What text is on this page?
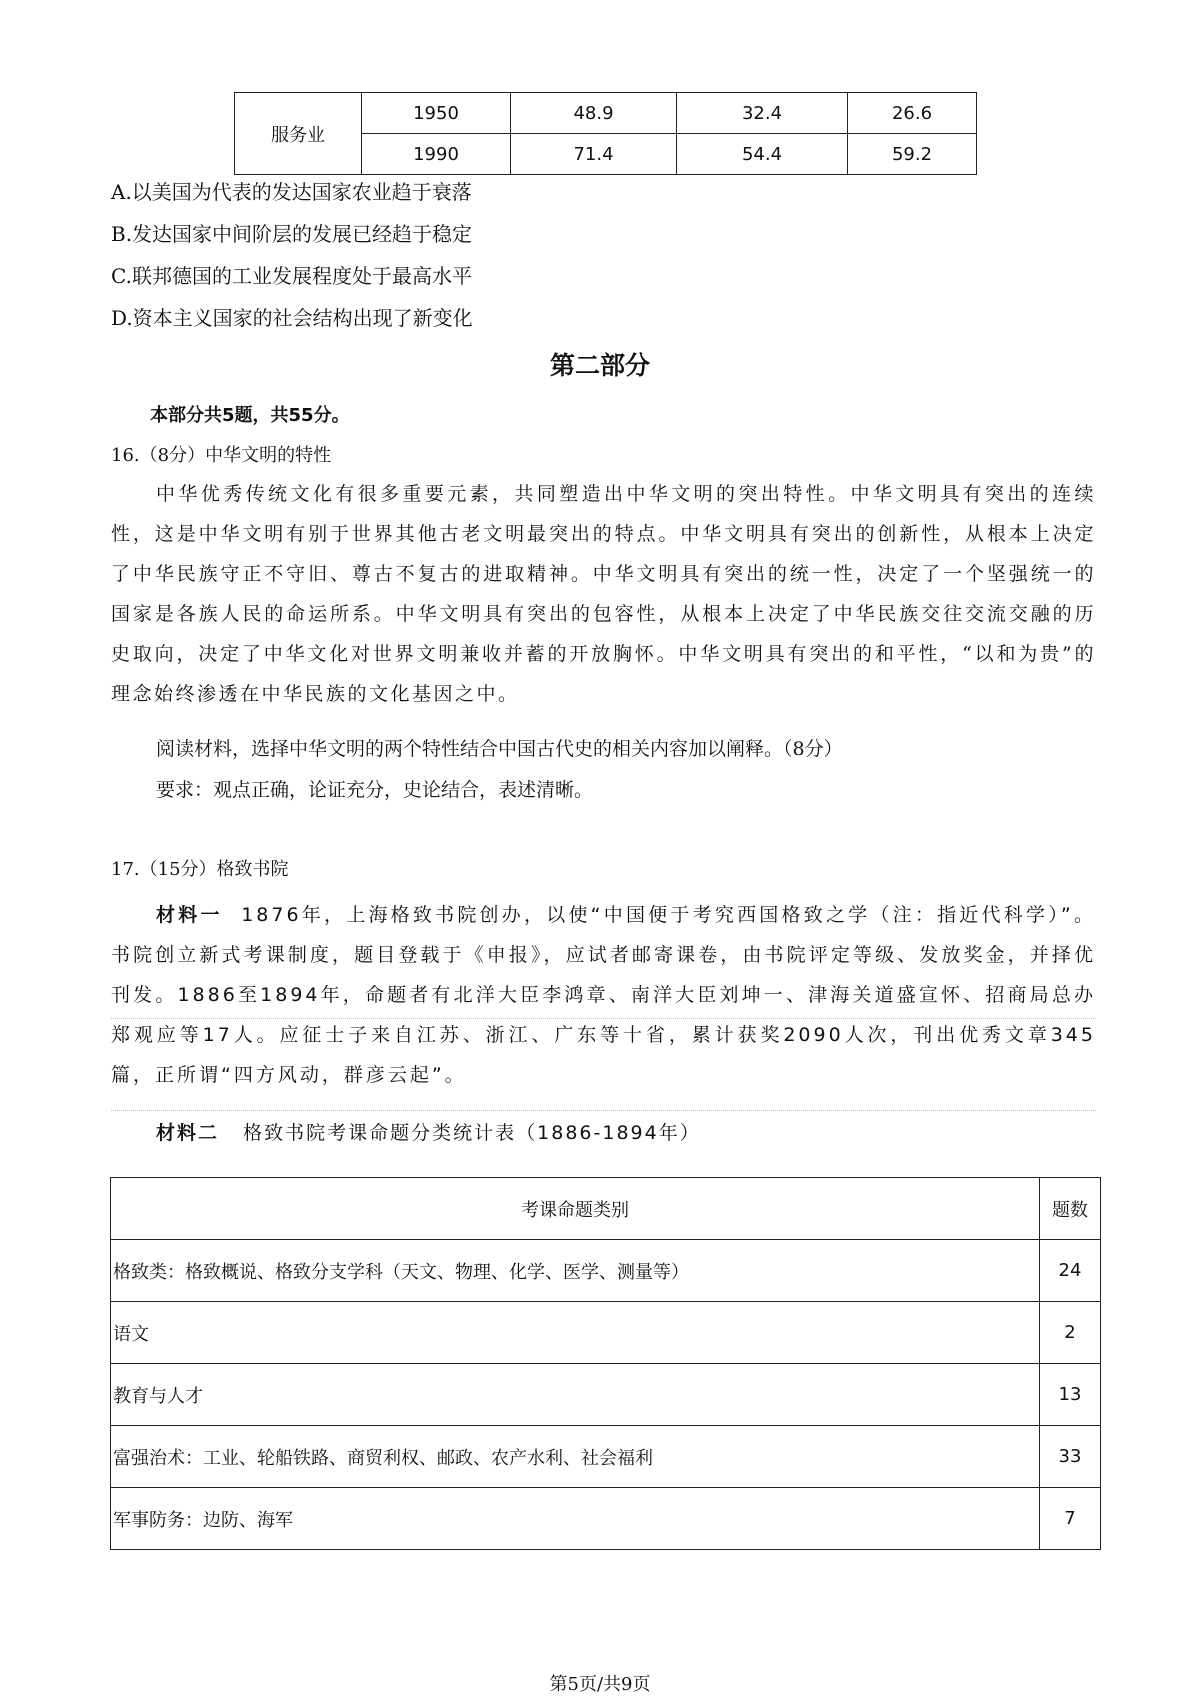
服务业	1950	48.9	32.4	26.6
	1990	71.4	54.4	59.2
A.以美国为代表的发达国家农业趋于衰落
B.发达国家中间阶层的发展已经趋于稳定
C.联邦德国的工业发展程度处于最高水平
D.资本主义国家的社会结构出现了新变化
第二部分
本部分共5题，共55分。
16.（8分）中华文明的特性

中华优秀传统文化有很多重要元素，共同塑造出中华文明的突出特性。中华文明具有突出的连续性，这是中华文明有别于世界其他古老文明最突出的特点。中华文明具有突出的创新性，从根本上决定了中华民族守正不守旧、尊古不复古的进取精神。中华文明具有突出的统一性，决定了一个坚强统一的国家是各族人民的命运所系。中华文明具有突出的包容性，从根本上决定了中华民族交往交流交融的历史取向，决定了中华文化对世界文明兼收并蓄的开放胸怀。中华文明具有突出的和平性，“以和为贵”的理念始终渗透在中华民族的文化基因之中。

阅读材料，选择中华文明的两个特性结合中国古代史的相关内容加以阐释。（8分）
要求：观点正确，论证充分，史论结合，表述清晰。
17.（15分）格致书院

材料一 1876年，上海格致书院创办，以使“中国便于考究西国格致之学（注：指近代科学）”。书院创立新式考课制度，题目登载于《申报》，应试者邮寄课卷，由书院评定等级、发放奖金，并择优刊发。1886至1894年，命题者有北洋大臣李鸿章、南洋大臣刘坤一、津海关道盛宣怀、招商局总办郑观应等17人。应征士子来自江苏、浙江、广东等十省，累计获奖2090人次，刊出优秀文章345篇，正所谓“四方风动，群彦云起”。

材料二 格致书院考课命题分类统计表（1886-1894年）
考课命题类别	题数
格致类：格致概说、格致分支学科（天文、物理、化学、医学、测量等）	24
语文	2
教育与人才	13
富强治术：工业、轮船铁路、商贸利权、邮政、农产水利、社会福利	33
军事防务：边防、海军	7
第5页/共9页
